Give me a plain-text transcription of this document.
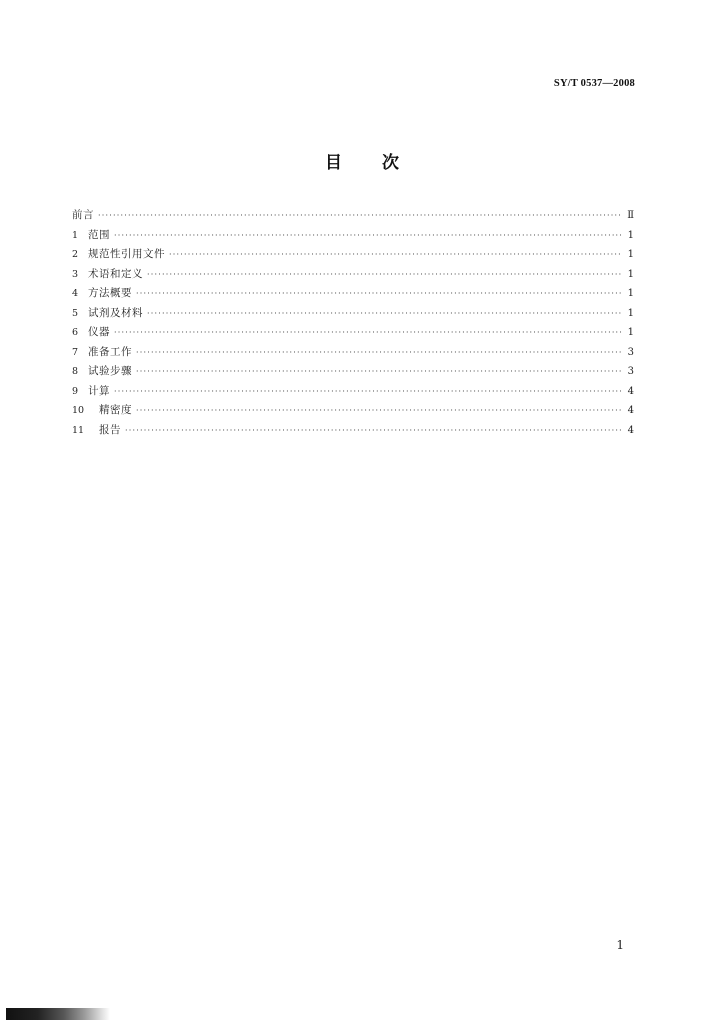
SY/T 0537—2008
目 次
前言 ·····	Ⅱ
1 范围 ·····	1
2 规范性引用文件 ·····	1
3 术语和定义 ·····	1
4 方法概要 ·····	1
5 试剂及材料 ·····	1
6 仪器 ·····	1
7 准备工作 ·····	3
8 试验步骤 ·····	3
9 计算 ·····	4
10	精密度 ·····	4
11	报告 ·····	4
1
